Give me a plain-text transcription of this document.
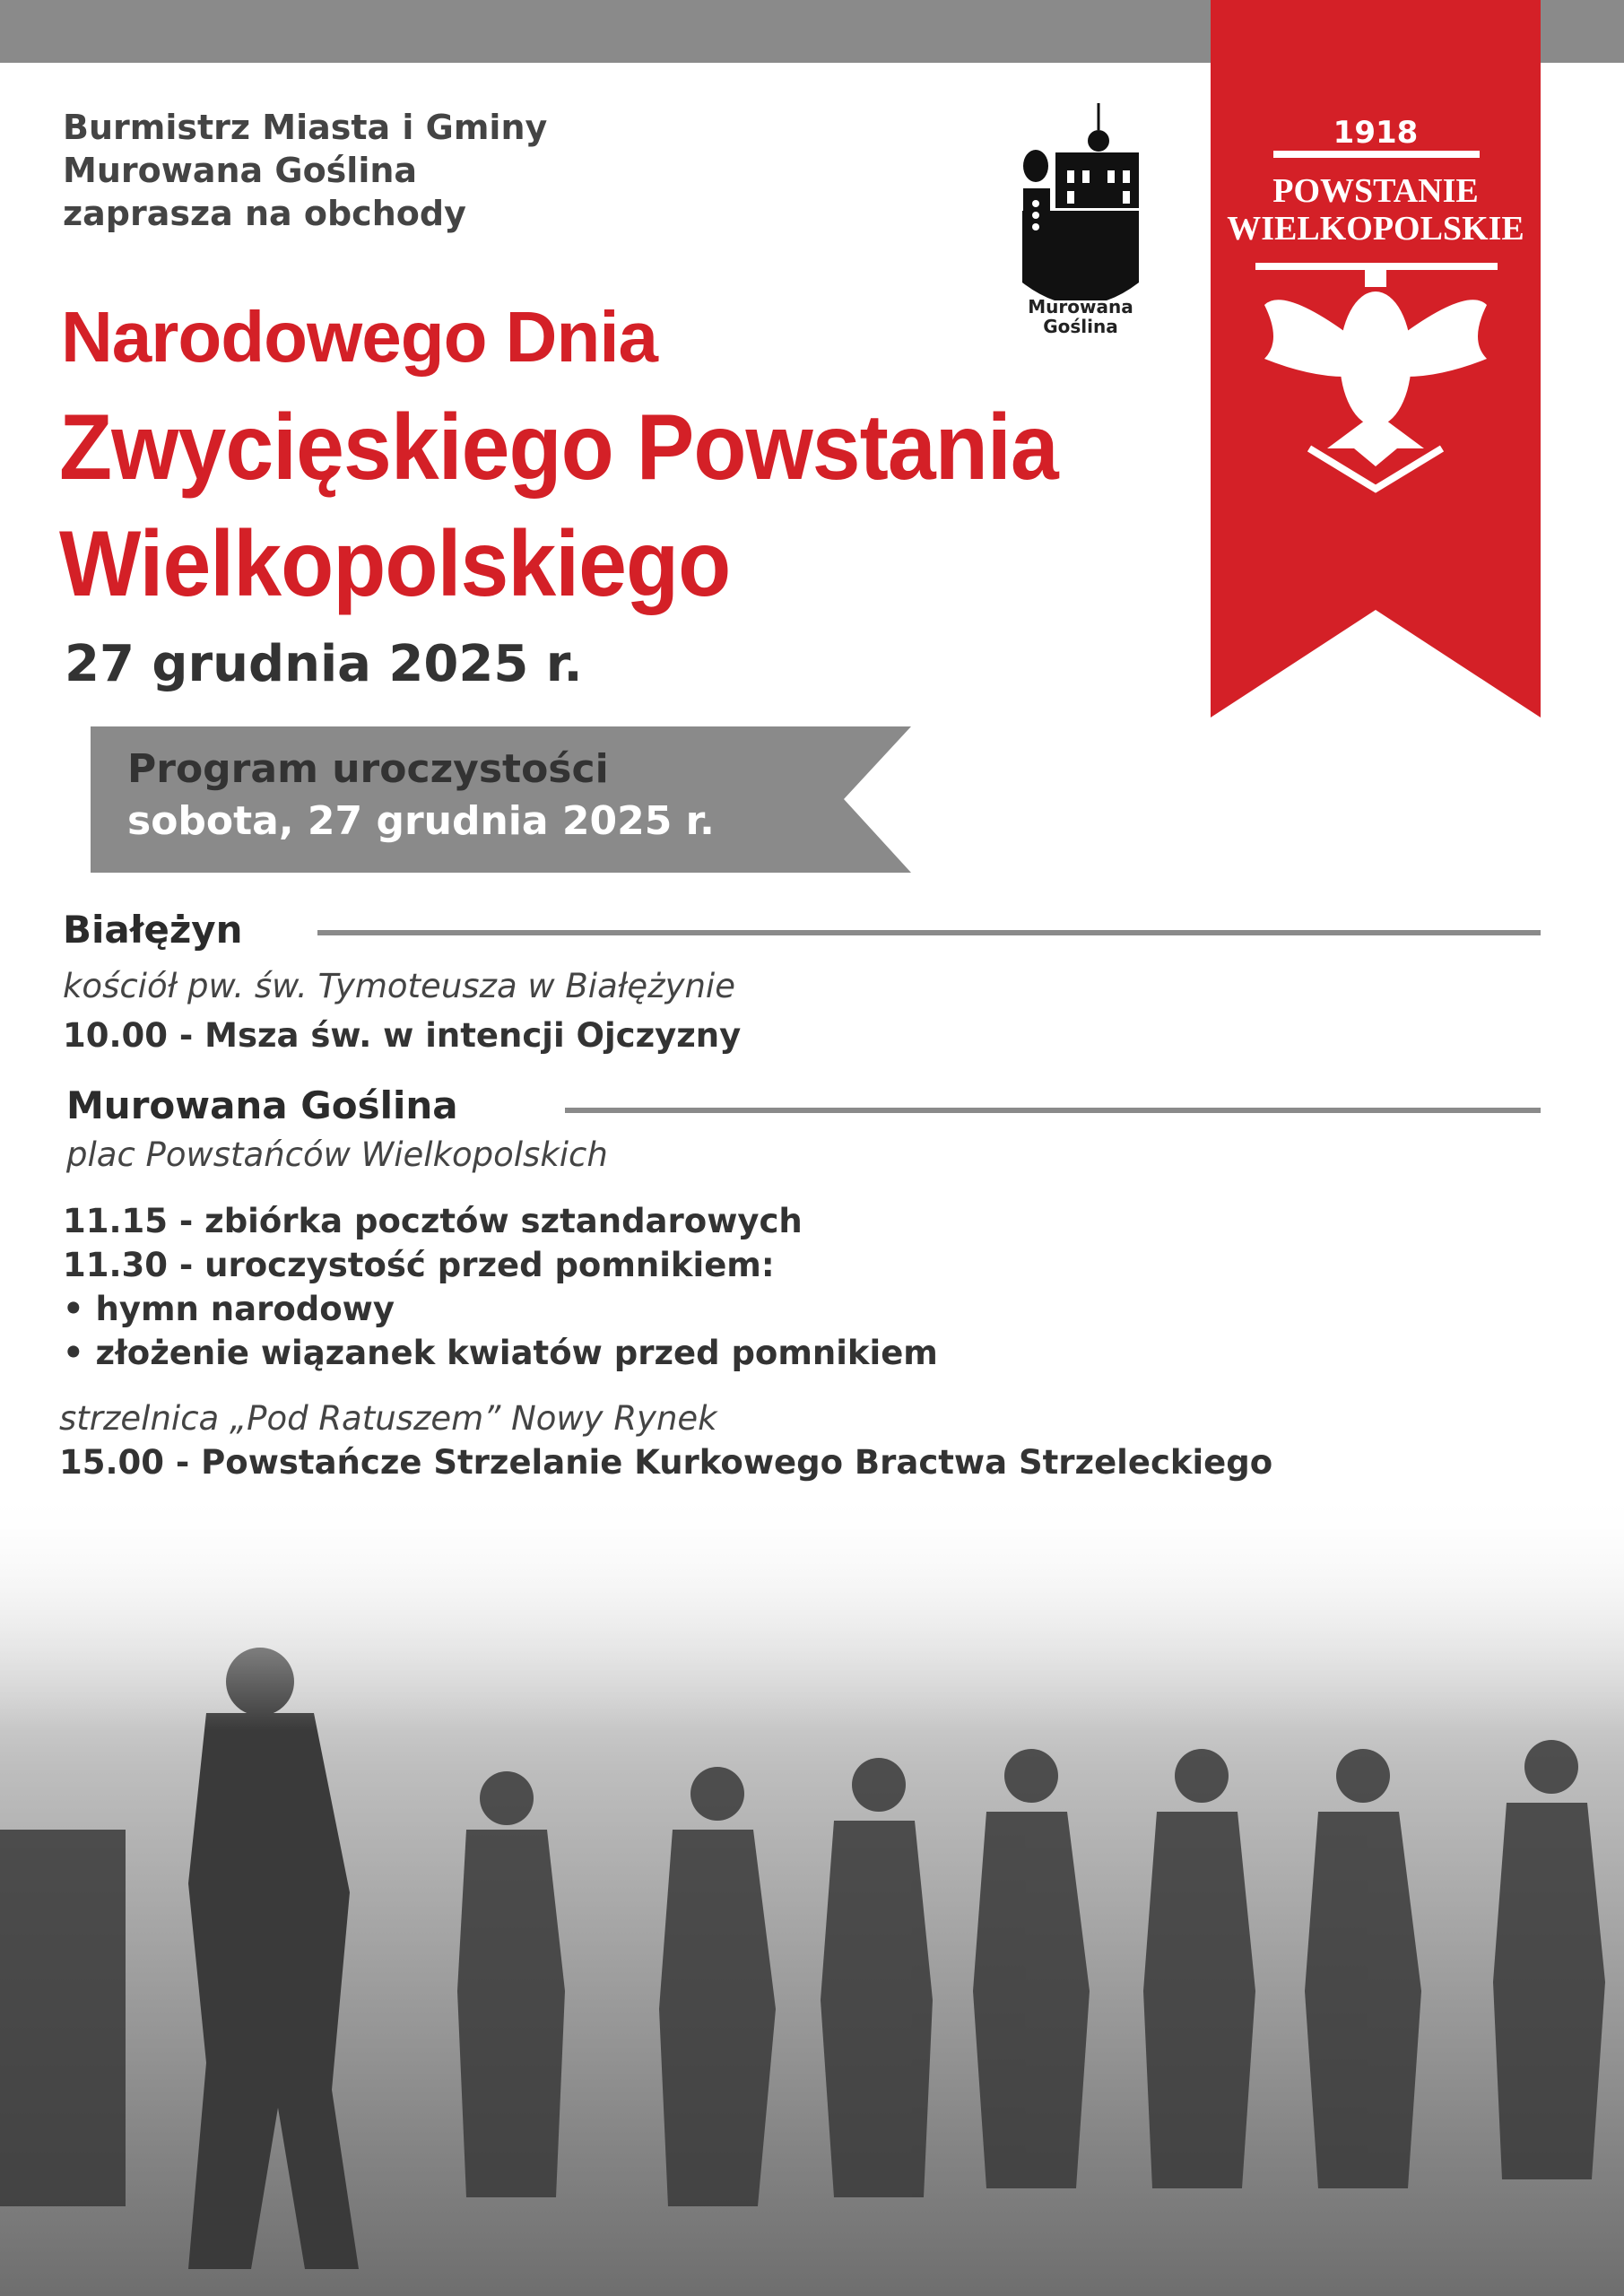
Burmistrz Miasta i Gminy
Murowana Goślina
zaprasza na obchody
Murowana
Goślina
1918
POWSTANIE
WIELKOPOLSKIE
Narodowego Dnia
Zwycięskiego Powstania
Wielkopolskiego
27 grudnia 2025 r.
Program uroczystości
sobota, 27 grudnia 2025 r.
Białężyn
kościół pw. św. Tymoteusza w Białężynie
10.00 - Msza św. w intencji Ojczyzny
Murowana Goślina
plac Powstańców Wielkopolskich
11.15 - zbiórka pocztów sztandarowych
11.30 - uroczystość przed pomnikiem:
• hymn narodowy
• złożenie wiązanek kwiatów przed pomnikiem
strzelnica „Pod Ratuszem” Nowy Rynek
15.00 - Powstańcze Strzelanie Kurkowego Bractwa Strzeleckiego
